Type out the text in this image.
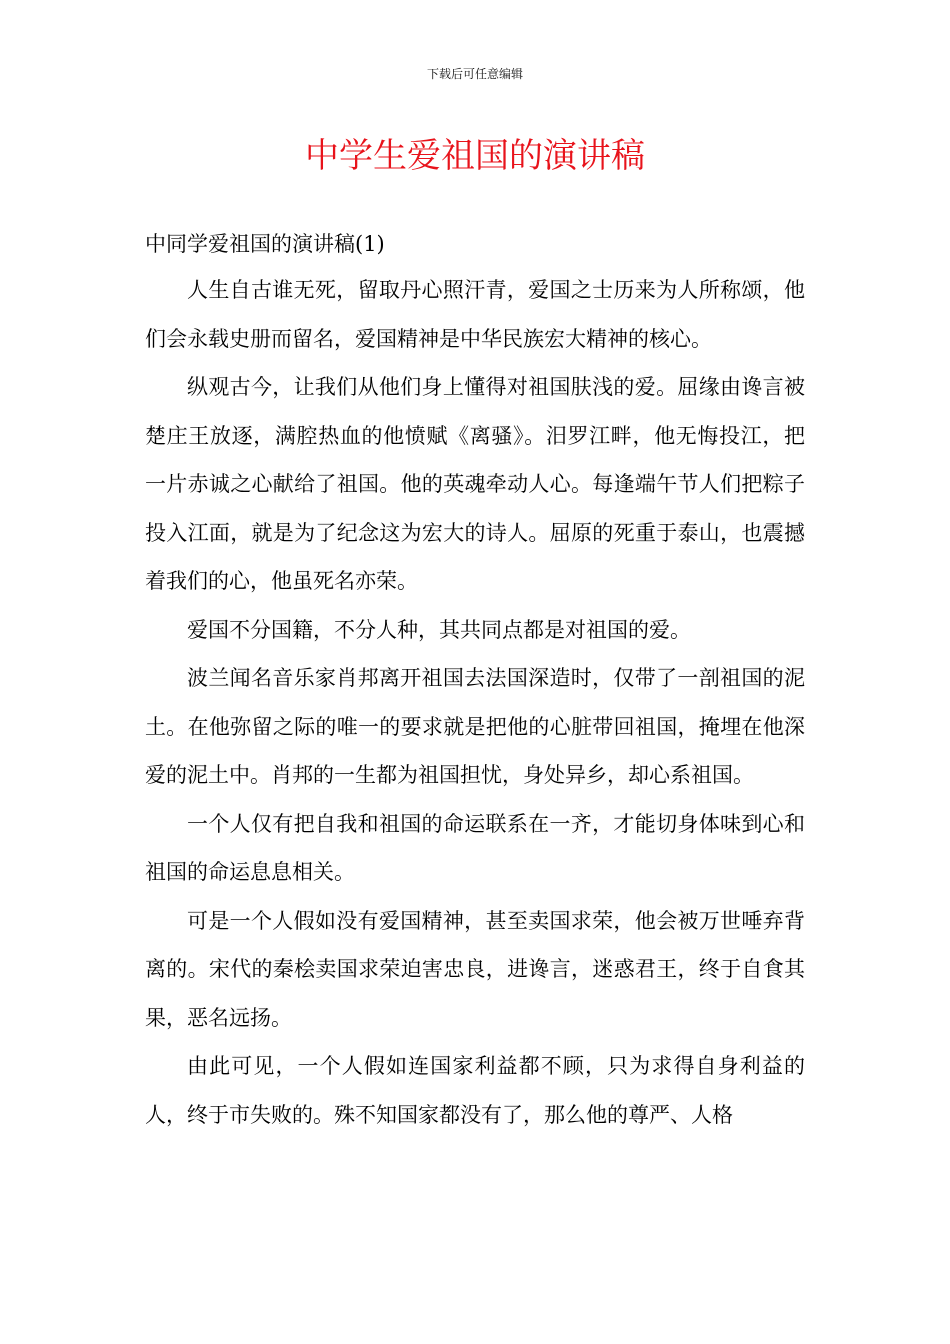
下载后可任意编辑
中学生爱祖国的演讲稿

中同学爱祖国的演讲稿(1)

人生自古谁无死，留取丹心照汗青，爱国之士历来为人所称颂，他们会永载史册而留名，爱国精神是中华民族宏大精神的核心。

纵观古今，让我们从他们身上懂得对祖国肤浅的爱。屈缘由谗言被楚庄王放逐，满腔热血的他愤赋《离骚》。汨罗江畔，他无悔投江，把一片赤诚之心献给了祖国。他的英魂牵动人心。每逢端午节人们把粽子投入江面，就是为了纪念这为宏大的诗人。屈原的死重于泰山，也震撼着我们的心，他虽死名亦荣。

爱国不分国籍，不分人种，其共同点都是对祖国的爱。

波兰闻名音乐家肖邦离开祖国去法国深造时，仅带了一剖祖国的泥土。在他弥留之际的唯一的要求就是把他的心脏带回祖国，掩埋在他深爱的泥土中。肖邦的一生都为祖国担忧，身处异乡，却心系祖国。

一个人仅有把自我和祖国的命运联系在一齐，才能切身体味到心和祖国的命运息息相关。

可是一个人假如没有爱国精神，甚至卖国求荣，他会被万世唾弃背离的。宋代的秦桧卖国求荣迫害忠良，进谗言，迷惑君王，终于自食其果，恶名远扬。

由此可见，一个人假如连国家利益都不顾，只为求得自身利益的人，终于市失败的。殊不知国家都没有了，那么他的尊严、人格
